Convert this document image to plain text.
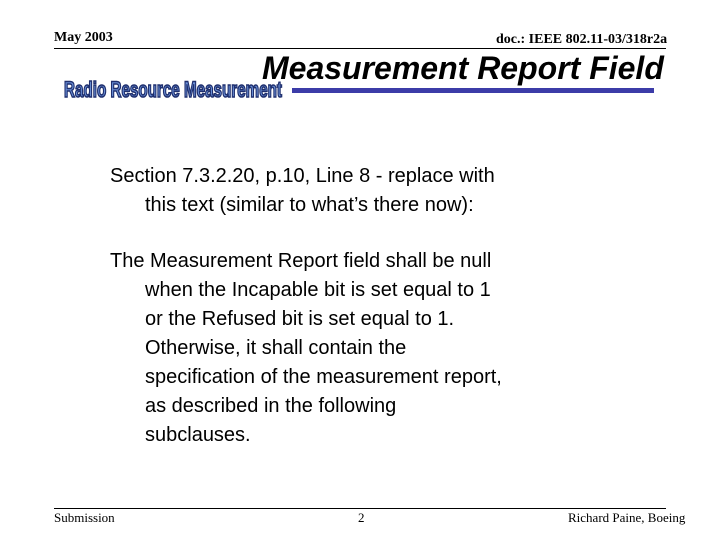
May 2003	doc.: IEEE 802.11-03/318r2a
Radio Resource Measurement
Measurement Report Field
Section 7.3.2.20, p.10, Line 8 - replace with
this text (similar to what’s there now):
The Measurement Report field shall be null
when the Incapable bit is set equal to 1
or the Refused bit is set equal to 1.
Otherwise, it shall contain the
specification of the measurement report,
as described in the following
subclauses.
Submission	2	Richard Paine, Boeing
